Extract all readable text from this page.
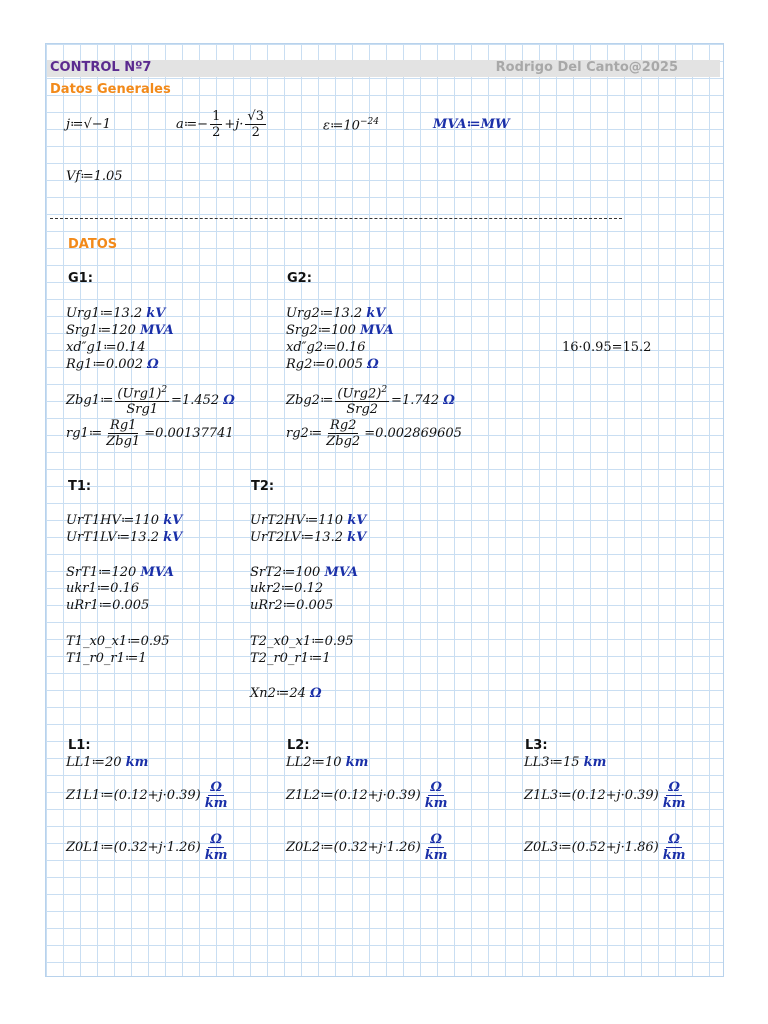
CONTROL Nº7	Rodrigo Del Canto@2025
Datos Generales
j≔√−1	a≔− $\frac{1}{2} +j\cdot \frac{√3}{2}$	$\varepsilon≔10^{-24}$	MVA≔MW
Vf≔1.05
DATOS
G1:
Urg1≔13.2 kV
Srg1≔120 MVA
xd″g1≔0.14
Rg1≔0.002 Ω
Zbg1≔ $\frac{(Urg1)^2}{\text{Srg1}} =1.452$
Ω
rg1≔ $\frac{Rg1}{\text{Zbg1}} =0.00137741$
G2:
Urg2≔13.2 kV
Srg2≔100 MVA
xd″g2≔0.16
Rg2≔0.005 Ω
Zbg2≔ $\frac{(Urg2)^2}{\text{Srg2}} =1.742$
Ω
rg2≔ $\frac{Rg2}{\text{Zbg2}} =0.002869605$
16·0.95=15.2
T1:
UrT1HV≔110 kV
UrT1LV≔13.2 kV
SrT1≔120 MVA
ukr1≔0.16
uRr1≔0.005
T1_x0_x1≔0.95
T1_r0_r1≔1
T2:
UrT2HV≔110 kV
UrT2LV≔13.2 kV
SrT2≔100 MVA
ukr2≔0.12
uRr2≔0.005
T2_x0_x1≔0.95
T2_r0_r1≔1
Xn2≔24 Ω
L1:
LL1≔20 km
Z1L1≔(0.12+j·0.39) $\frac{\Omega}{km}$
Z0L1≔(0.32+j·1.26) $\frac{\Omega}{km}$
L2:
LL2≔10 km
Z1L2≔(0.12+j·0.39) $\frac{\Omega}{km}$
Z0L2≔(0.32+j·1.26) $\frac{\Omega}{km}$
L3:
LL3≔15 km
Z1L3≔(0.12+j·0.39) $\frac{\Omega}{km}$
Z0L3≔(0.52+j·1.86) $\frac{\Omega}{km}$
